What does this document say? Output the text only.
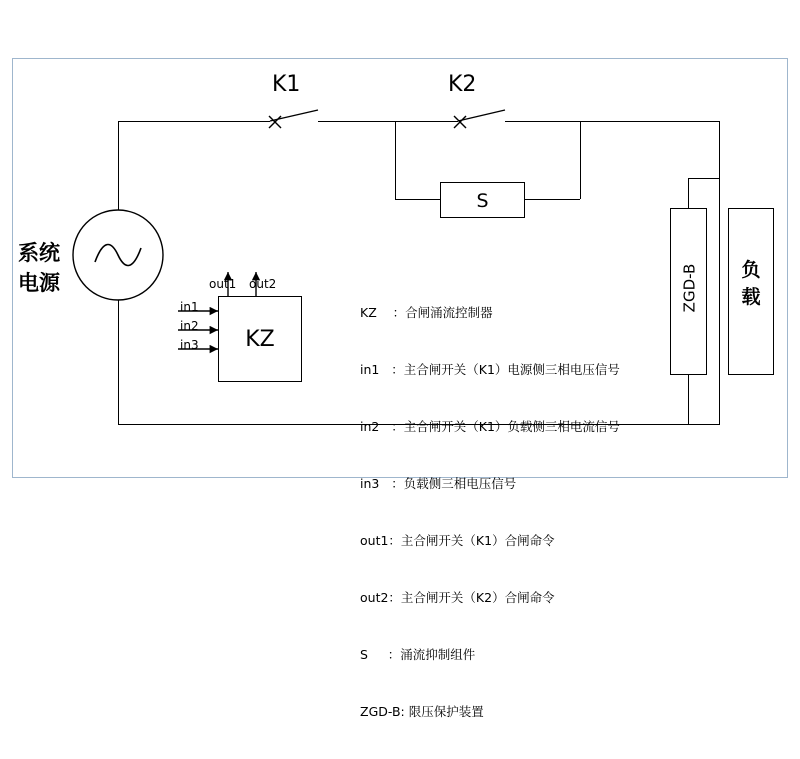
K1	K2
系统
电源
S
KZ
out1 out2
in1
in2
in3
ZGD-B	负
载

KZ    ：合闸涌流控制器

in1   ：主合闸开关（K1）电源侧三相电压信号

in2   ：主合闸开关（K1）负载侧三相电流信号

in3   ：负载侧三相电压信号

out1：主合闸开关（K1）合闸命令

out2：主合闸开关（K2）合闸命令

S     ：涌流抑制组件

ZGD-B: 限压保护装置
